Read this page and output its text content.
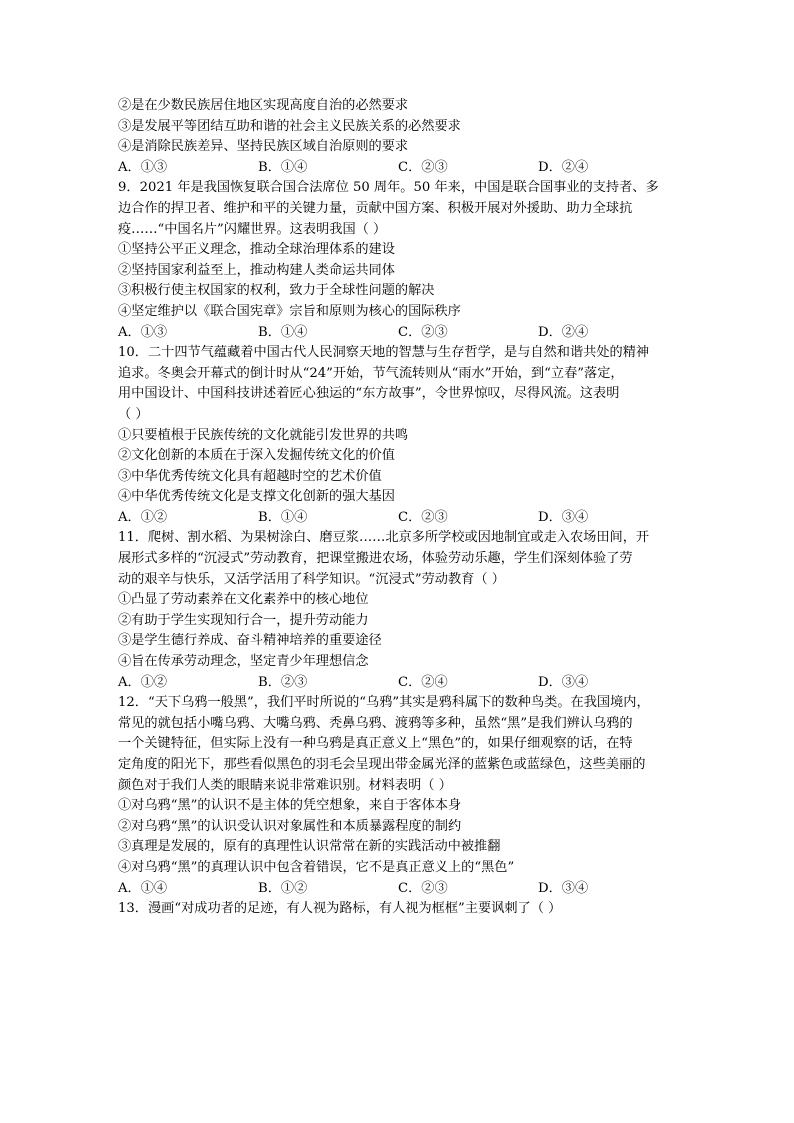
②是在少数民族居住地区实现高度自治的必然要求
③是发展平等团结互助和谐的社会主义民族关系的必然要求
④是消除民族差异、坚持民族区域自治原则的要求
A．①③	B．①④	C．②③	D．②④
9．2021 年是我国恢复联合国合法席位 50 周年。50 年来，中国是联合国事业的支持者、多
边合作的捍卫者、维护和平的关键力量，贡献中国方案、积极开展对外援助、助力全球抗
疫……“中国名片”闪耀世界。这表明我国（ ）
①坚持公平正义理念，推动全球治理体系的建设
②坚持国家利益至上，推动构建人类命运共同体
③积极行使主权国家的权利，致力于全球性问题的解决
④坚定维护以《联合国宪章》宗旨和原则为核心的国际秩序
A．①③	B．①④	C．②③	D．②④
10．二十四节气蕴藏着中国古代人民洞察天地的智慧与生存哲学，是与自然和谐共处的精神
追求。冬奥会开幕式的倒计时从“24”开始，节气流转则从“雨水”开始，到“立春”落定，
用中国设计、中国科技讲述着匠心独运的“东方故事”，令世界惊叹，尽得风流。这表明
（ ）
①只要植根于民族传统的文化就能引发世界的共鸣
②文化创新的本质在于深入发掘传统文化的价值
③中华优秀传统文化具有超越时空的艺术价值
④中华优秀传统文化是支撑文化创新的强大基因
A．①②	B．①④	C．②③	D．③④
11．爬树、割水稻、为果树涂白、磨豆浆……北京多所学校或因地制宜或走入农场田间，开
展形式多样的“沉浸式”劳动教育，把课堂搬进农场，体验劳动乐趣，学生们深刻体验了劳
动的艰辛与快乐，又活学活用了科学知识。“沉浸式”劳动教育（ ）
①凸显了劳动素养在文化素养中的核心地位
②有助于学生实现知行合一，提升劳动能力
③是学生德行养成、奋斗精神培养的重要途径
④旨在传承劳动理念，坚定青少年理想信念
A．①②	B．②③	C．②④	D．③④
12．“天下乌鸦一般黑”，我们平时所说的“乌鸦”其实是鸦科属下的数种鸟类。在我国境内，
常见的就包括小嘴乌鸦、大嘴乌鸦、秃鼻乌鸦、渡鸦等多种，虽然“黑”是我们辨认乌鸦的
一个关键特征，但实际上没有一种乌鸦是真正意义上“黑色”的，如果仔细观察的话，在特
定角度的阳光下，那些看似黑色的羽毛会呈现出带金属光泽的蓝紫色或蓝绿色，这些美丽的
颜色对于我们人类的眼睛来说非常难识别。材料表明（ ）
①对乌鸦“黑”的认识不是主体的凭空想象，来自于客体本身
②对乌鸦“黑”的认识受认识对象属性和本质暴露程度的制约
③真理是发展的，原有的真理性认识常常在新的实践活动中被推翻
④对乌鸦“黑”的真理认识中包含着错误，它不是真正意义上的“黑色”
A．①④	B．①②	C．②③	D．③④
13．漫画“对成功者的足迹，有人视为路标，有人视为框框”主要讽刺了（ ）
